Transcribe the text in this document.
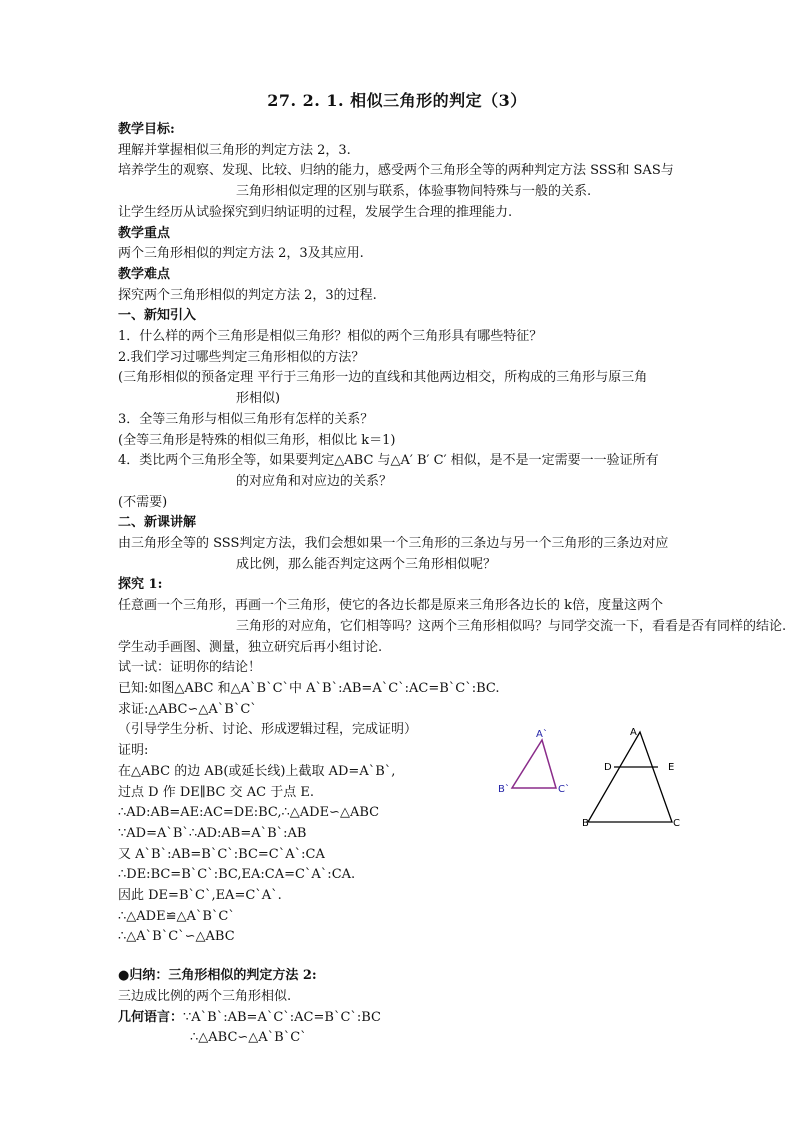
27. 2. 1. 相似三角形的判定（3）

教学目标:

理解并掌握相似三角形的判定方法 2，3.

培养学生的观察、发现、比较、归纳的能力，感受两个三角形全等的两种判定方法 SSS和 SAS与

三角形相似定理的区别与联系，体验事物间特殊与一般的关系.

让学生经历从试验探究到归纳证明的过程，发展学生合理的推理能力.

教学重点

两个三角形相似的判定方法 2，3及其应用.

教学难点

探究两个三角形相似的判定方法 2，3的过程.

一、新知引入

1．什么样的两个三角形是相似三角形？相似的两个三角形具有哪些特征？

2.我们学习过哪些判定三角形相似的方法？

(三角形相似的预备定理 平行于三角形一边的直线和其他两边相交，所构成的三角形与原三角

形相似)

3．全等三角形与相似三角形有怎样的关系？

(全等三角形是特殊的相似三角形，相似比 k＝1)

4．类比两个三角形全等，如果要判定△ABC 与△A′ B′ C′ 相似，是不是一定需要一一验证所有

的对应角和对应边的关系？

(不需要)

二、新课讲解

由三角形全等的 SSS判定方法，我们会想如果一个三角形的三条边与另一个三角形的三条边对应

成比例，那么能否判定这两个三角形相似呢？

探究 1:

任意画一个三角形，再画一个三角形，使它的各边长都是原来三角形各边长的 k倍，度量这两个

三角形的对应角，它们相等吗？这两个三角形相似吗？与同学交流一下，看看是否有同样的结论.

学生动手画图、测量，独立研究后再小组讨论.

试一试：证明你的结论！

已知:如图△ABC 和△A`B`C`中 A`B`:AB=A`C`:AC=B`C`:BC.

求证:△ABC∽△A`B`C`

（引导学生分析、讨论、形成逻辑过程，完成证明）

证明:

在△ABC 的边 AB(或延长线)上截取 AD=A`B`,

过点 D 作 DE∥BC 交 AC 于点 E.

∴AD:AB=AE:AC=DE:BC,∴△ADE∽△ABC

∵AD=A`B`∴AD:AB=A`B`:AB

又 A`B`:AB=B`C`:BC=C`A`:CA

∴DE:BC=B`C`:BC,EA:CA=C`A`:CA.

因此 DE=B`C`,EA=C`A`.

∴△ADE≌△A`B`C`

∴△A`B`C`∽△ABC

●归纳：三角形相似的判定方法 2:

三边成比例的两个三角形相似.

几何语言：∵A`B`:AB=A`C`:AC=B`C`:BC

∴△ABC∽△A`B`C`

A`
B`	C`
A
D	E
B	C
